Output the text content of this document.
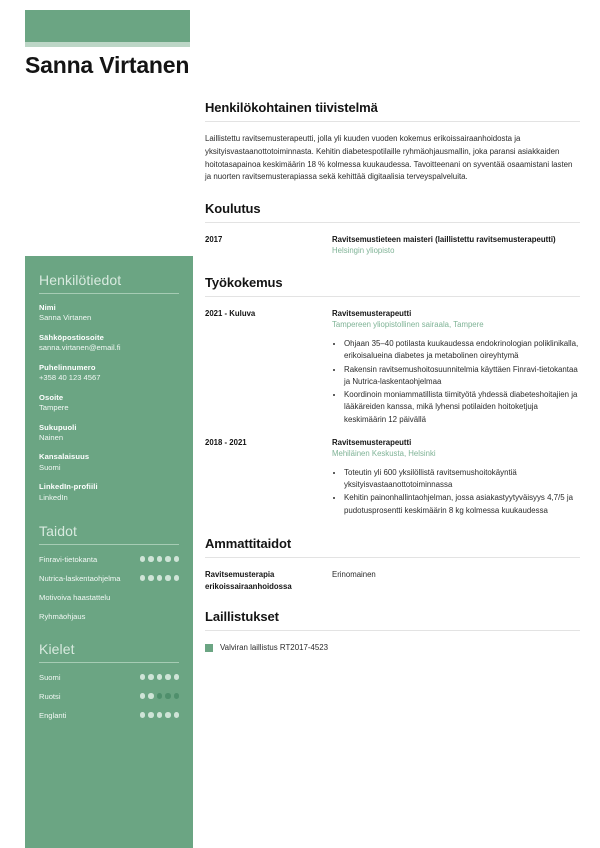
Sanna Virtanen
Henkilötiedot
Nimi
Sanna Virtanen
Sähköpostiosoite
sanna.virtanen@email.fi
Puhelinnumero
+358 40 123 4567
Osoite
Tampere
Sukupuoli
Nainen
Kansalaisuus
Suomi
LinkedIn-profiili
LinkedIn
Taidot
Finravi-tietokanta
Nutrica-laskentaohjelma
Motivoiva haastattelu
Ryhmäohjaus
Kielet
Suomi
Ruotsi
Englanti
Henkilökohtainen tiivistelmä
Laillistettu ravitsemusterapeutti, jolla yli kuuden vuoden kokemus erikoissairaanhoidosta ja yksityisvastaanottotoiminnasta. Kehitin diabetespotilaille ryhmäohjausmallin, joka paransi asiakkaiden hoitotasapainoa keskimäärin 18 % kolmessa kuukaudessa. Tavoitteenani on syventää osaamistani lasten ja nuorten ravitsemusterapiassa sekä kehittää digitaalisia terveyspalveluita.
Koulutus
2017	Ravitsemustieteen maisteri (laillistettu ravitsemusterapeutti)
Helsingin yliopisto
Työkokemus
2021 - Kuluva	Ravitsemusterapeutti
Tampereen yliopistollinen sairaala, Tampere
• Ohjaan 35–40 potilasta kuukaudessa endokrinologian poliklinikalla, erikoisalueina diabetes ja metabolinen oireyhtymä
• Rakensin ravitsemushoitosuunnitelmia käyttäen Finravi-tietokantaa ja Nutrica-laskentaohjelmaa
• Koordinoin moniammatillista tiimityötä yhdessä diabeteshoitajien ja lääkäreiden kanssa, mikä lyhensi potilaiden hoitoketjuja keskimäärin 12 päivällä
2018 - 2021	Ravitsemusterapeutti
Mehiläinen Keskusta, Helsinki
• Toteutin yli 600 yksilöllistä ravitsemushoitokäyntiä yksityisvastaanottotoiminnassa
• Kehitin painonhallintaohjelman, jossa asiakastyytyväisyys 4,7/5 ja pudotusprosentti keskimäärin 8 kg kolmessa kuukaudessa
Ammattitaidot
Ravitsemusterapia erikoissairaanhoidossa
Erinomainen
Laillistukset
Valviran laillistus RT2017-4523
